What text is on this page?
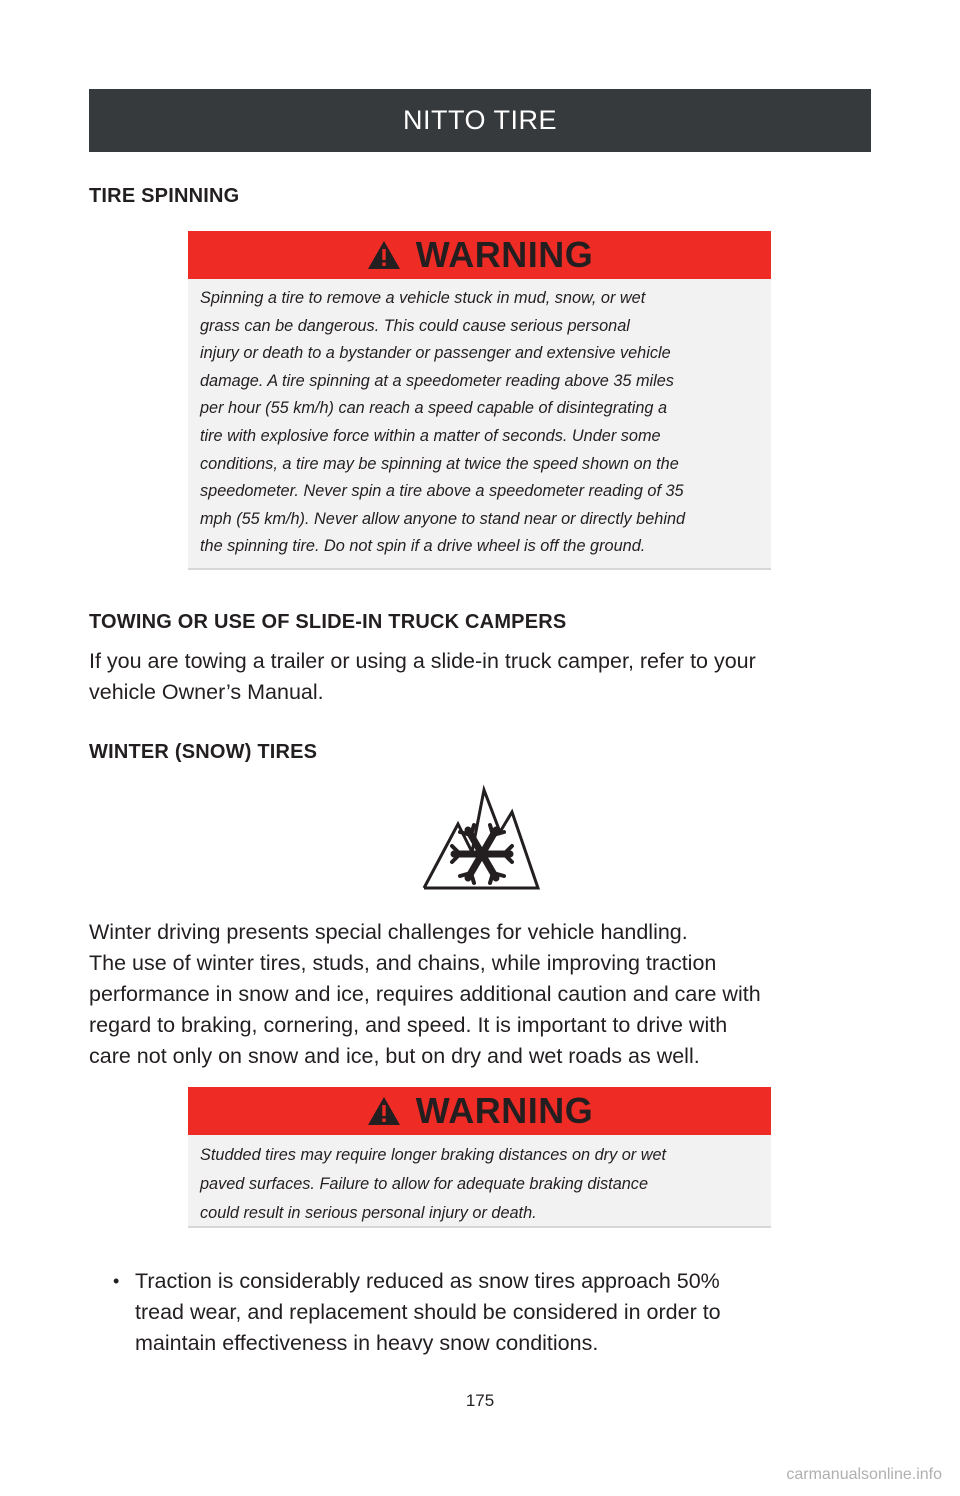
NITTO TIRE
TIRE SPINNING
WARNING
Spinning a tire to remove a vehicle stuck in mud, snow, or wet
grass can be dangerous. This could cause serious personal
injury or death to a bystander or passenger and extensive vehicle
damage. A tire spinning at a speedometer reading above 35 miles
per hour (55 km/h) can reach a speed capable of disintegrating a
tire with explosive force within a matter of seconds. Under some
conditions, a tire may be spinning at twice the speed shown on the
speedometer. Never spin a tire above a speedometer reading of 35
mph (55 km/h). Never allow anyone to stand near or directly behind
the spinning tire. Do not spin if a drive wheel is off the ground.
TOWING OR USE OF SLIDE-IN TRUCK CAMPERS

If you are towing a trailer or using a slide-in truck camper, refer to your
vehicle Owner’s Manual.

WINTER (SNOW) TIRES

Winter driving presents special challenges for vehicle handling.
The use of winter tires, studs, and chains, while improving traction
performance in snow and ice, requires additional caution and care with
regard to braking, cornering, and speed. It is important to drive with
care not only on snow and ice, but on dry and wet roads as well.

WARNING
Studded tires may require longer braking distances on dry or wet
paved surfaces. Failure to allow for adequate braking distance
could result in serious personal injury or death.
• Traction is considerably reduced as snow tires approach 50%
tread wear, and replacement should be considered in order to
maintain effectiveness in heavy snow conditions.
175
carmanualsonline.info
